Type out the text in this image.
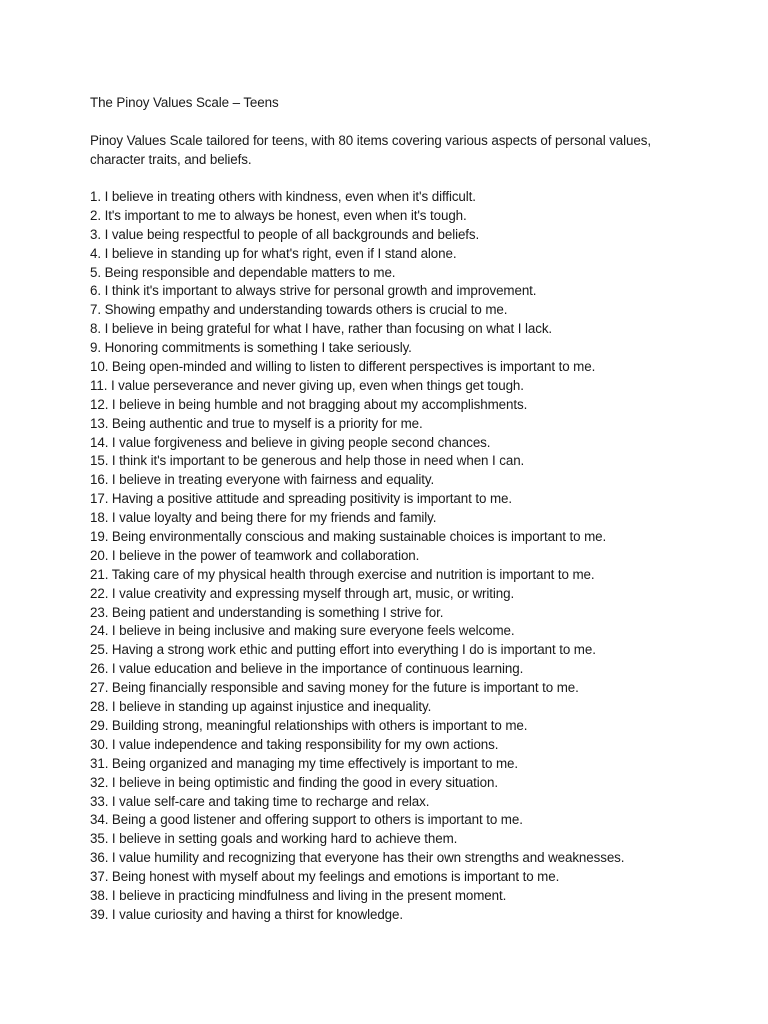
The Pinoy Values Scale – Teens

Pinoy Values Scale tailored for teens, with 80 items covering various aspects of personal values, character traits, and beliefs.

1. I believe in treating others with kindness, even when it's difficult.
2. It's important to me to always be honest, even when it's tough.
3. I value being respectful to people of all backgrounds and beliefs.
4. I believe in standing up for what's right, even if I stand alone.
5. Being responsible and dependable matters to me.
6. I think it's important to always strive for personal growth and improvement.
7. Showing empathy and understanding towards others is crucial to me.
8. I believe in being grateful for what I have, rather than focusing on what I lack.
9. Honoring commitments is something I take seriously.
10. Being open-minded and willing to listen to different perspectives is important to me.
11. I value perseverance and never giving up, even when things get tough.
12. I believe in being humble and not bragging about my accomplishments.
13. Being authentic and true to myself is a priority for me.
14. I value forgiveness and believe in giving people second chances.
15. I think it's important to be generous and help those in need when I can.
16. I believe in treating everyone with fairness and equality.
17. Having a positive attitude and spreading positivity is important to me.
18. I value loyalty and being there for my friends and family.
19. Being environmentally conscious and making sustainable choices is important to me.
20. I believe in the power of teamwork and collaboration.
21. Taking care of my physical health through exercise and nutrition is important to me.
22. I value creativity and expressing myself through art, music, or writing.
23. Being patient and understanding is something I strive for.
24. I believe in being inclusive and making sure everyone feels welcome.
25. Having a strong work ethic and putting effort into everything I do is important to me.
26. I value education and believe in the importance of continuous learning.
27. Being financially responsible and saving money for the future is important to me.
28. I believe in standing up against injustice and inequality.
29. Building strong, meaningful relationships with others is important to me.
30. I value independence and taking responsibility for my own actions.
31. Being organized and managing my time effectively is important to me.
32. I believe in being optimistic and finding the good in every situation.
33. I value self-care and taking time to recharge and relax.
34. Being a good listener and offering support to others is important to me.
35. I believe in setting goals and working hard to achieve them.
36. I value humility and recognizing that everyone has their own strengths and weaknesses.
37. Being honest with myself about my feelings and emotions is important to me.
38. I believe in practicing mindfulness and living in the present moment.
39. I value curiosity and having a thirst for knowledge.
